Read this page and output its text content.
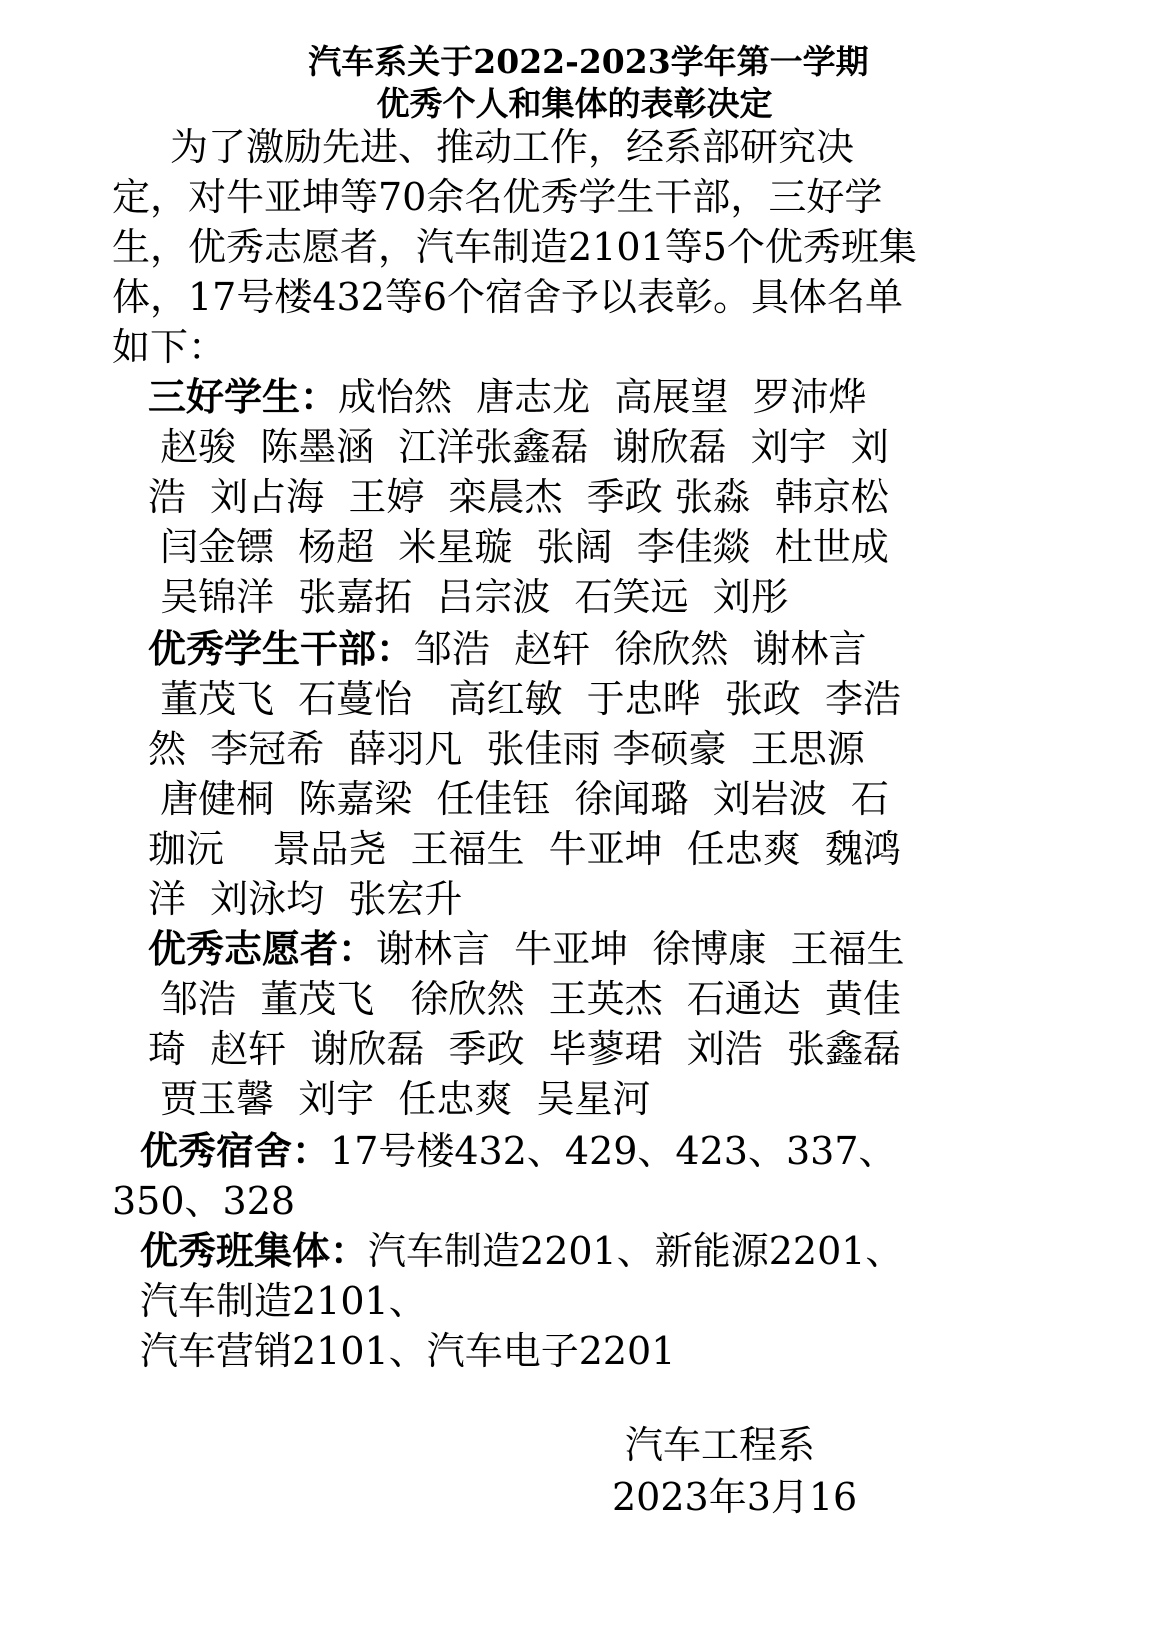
汽车系关于2022-2023学年第一学期
优秀个人和集体的表彰决定
为了激励先进、推动工作，经系部研究决
定，对牛亚坤等70余名优秀学生干部，三好学
生，优秀志愿者，汽车制造2101等5个优秀班集
体，17号楼432等6个宿舍予以表彰。具体名单
如下：
三好学生：成怡然  唐志龙  高展望  罗沛烨
赵骏  陈墨涵  江洋张鑫磊  谢欣磊  刘宇  刘
浩  刘占海  王婷  栾晨杰  季政 张淼  韩京松
闫金镖  杨超  米星璇  张阔  李佳燚  杜世成
吴锦洋  张嘉拓  吕宗波  石笑远  刘彤
优秀学生干部：邹浩  赵轩  徐欣然  谢林言
董茂飞  石蔓怡   高红敏  于忠晔  张政  李浩
然  李冠希  薛羽凡  张佳雨 李硕豪  王思源
唐健桐  陈嘉梁  任佳钰  徐闻璐  刘岩波  石
珈沅    景品尧  王福生  牛亚坤  任忠爽  魏鸿
洋  刘泳均  张宏升
优秀志愿者：谢林言  牛亚坤  徐博康  王福生
邹浩  董茂飞   徐欣然  王英杰  石通达  黄佳
琦  赵轩  谢欣磊  季政  毕蓼珺  刘浩  张鑫磊
贾玉馨  刘宇  任忠爽  吴星河
优秀宿舍：17号楼432、429、423、337、
350、328
优秀班集体：汽车制造2201、新能源2201、
汽车制造2101、
汽车营销2101、汽车电子2201
汽车工程系
2023年3月16
